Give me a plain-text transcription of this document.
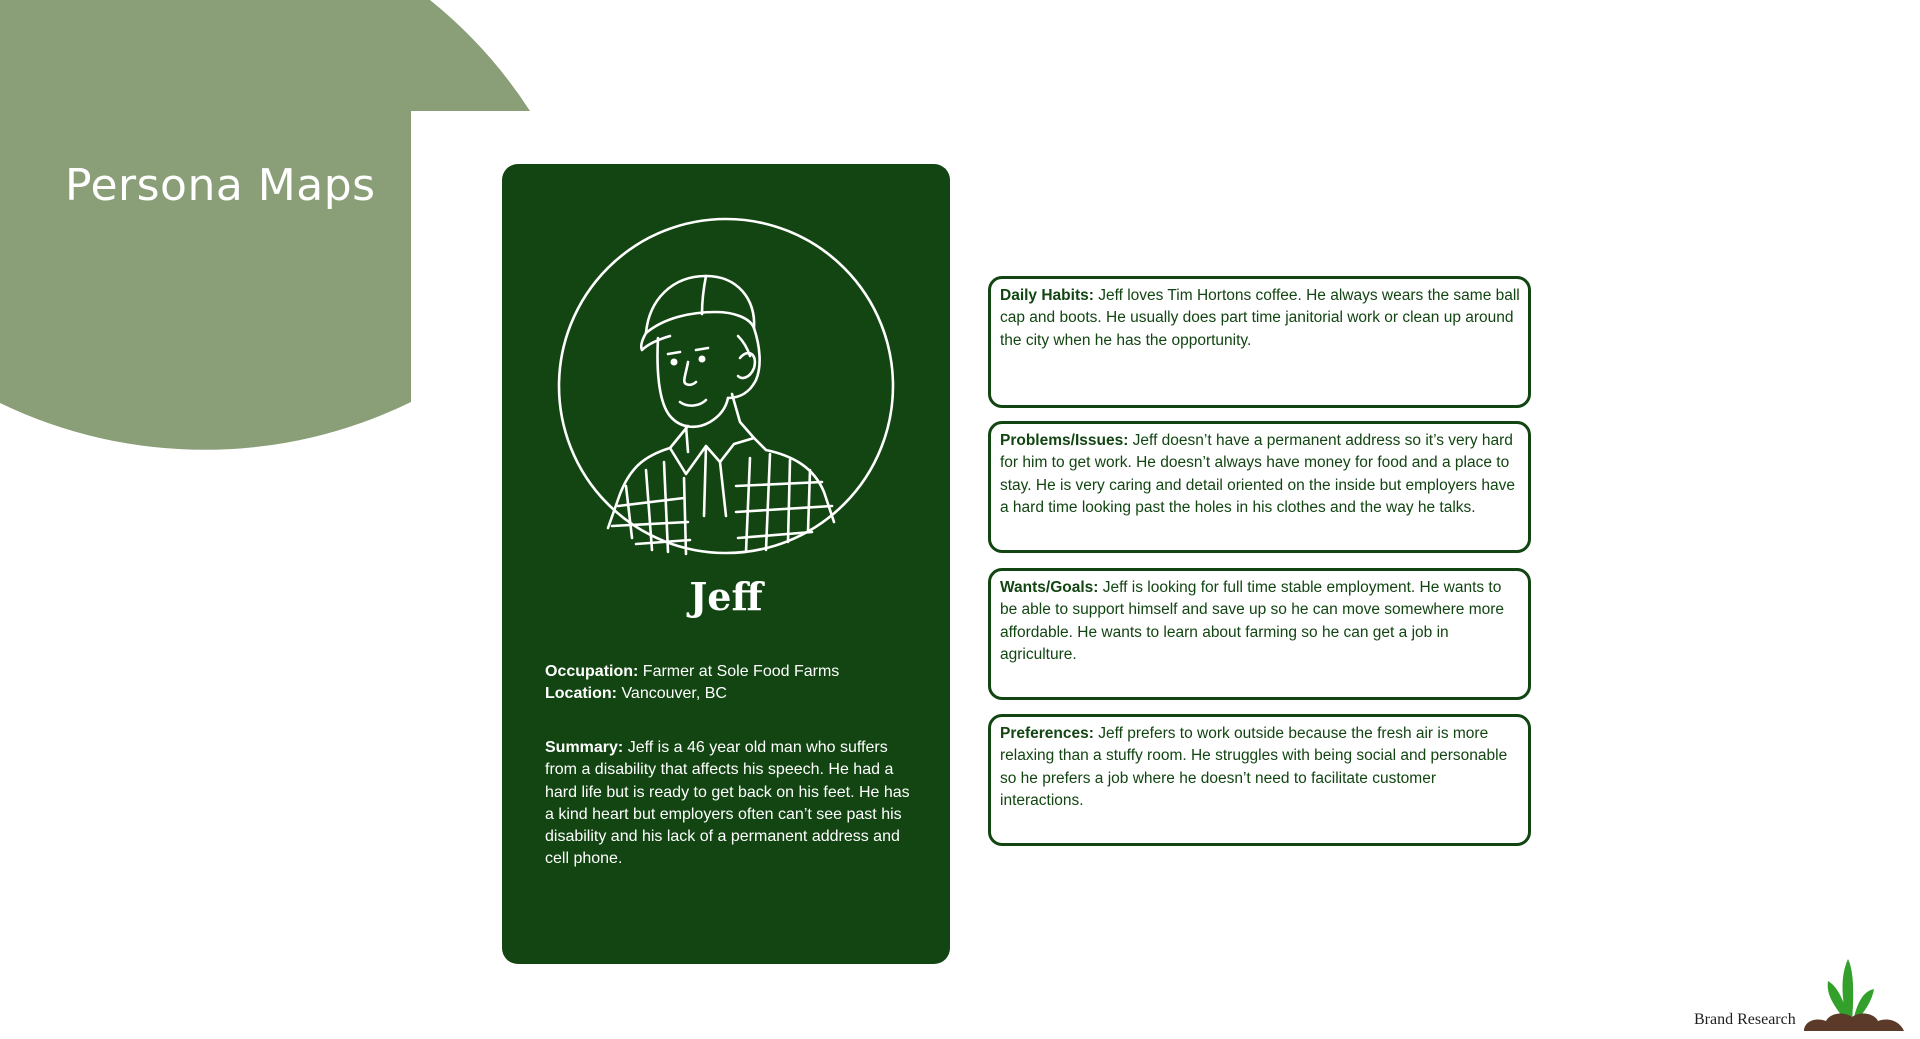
Persona Maps
Jeff

Occupation: Farmer at Sole Food Farms

Location: Vancouver, BC

Summary: Jeff is a 46 year old man who suffers from a disability that affects his speech. He had a hard life but is ready to get back on his feet. He has a kind heart but employers often can’t see past his disability and his lack of a permanent address and cell phone.

Daily Habits: Jeff loves Tim Hortons coffee. He always wears the same ball cap and boots. He usually does part time janitorial work or clean up around the city when he has the opportunity.

Problems/Issues: Jeff doesn’t have a permanent address so it’s very hard for him to get work. He doesn’t always have money for food and a place to stay. He is very caring and detail oriented on the inside but employers have a hard time looking past the holes in his clothes and the way he talks.

Wants/Goals: Jeff is looking for full time stable employment. He wants to be able to support himself and save up so he can move somewhere more affordable. He wants to learn about farming so he can get a job in agriculture.

Preferences: Jeff prefers to work outside because the fresh air is more relaxing than a stuffy room. He struggles with being social and personable so he prefers a job where he doesn’t need to facilitate customer interactions.

Brand Research
